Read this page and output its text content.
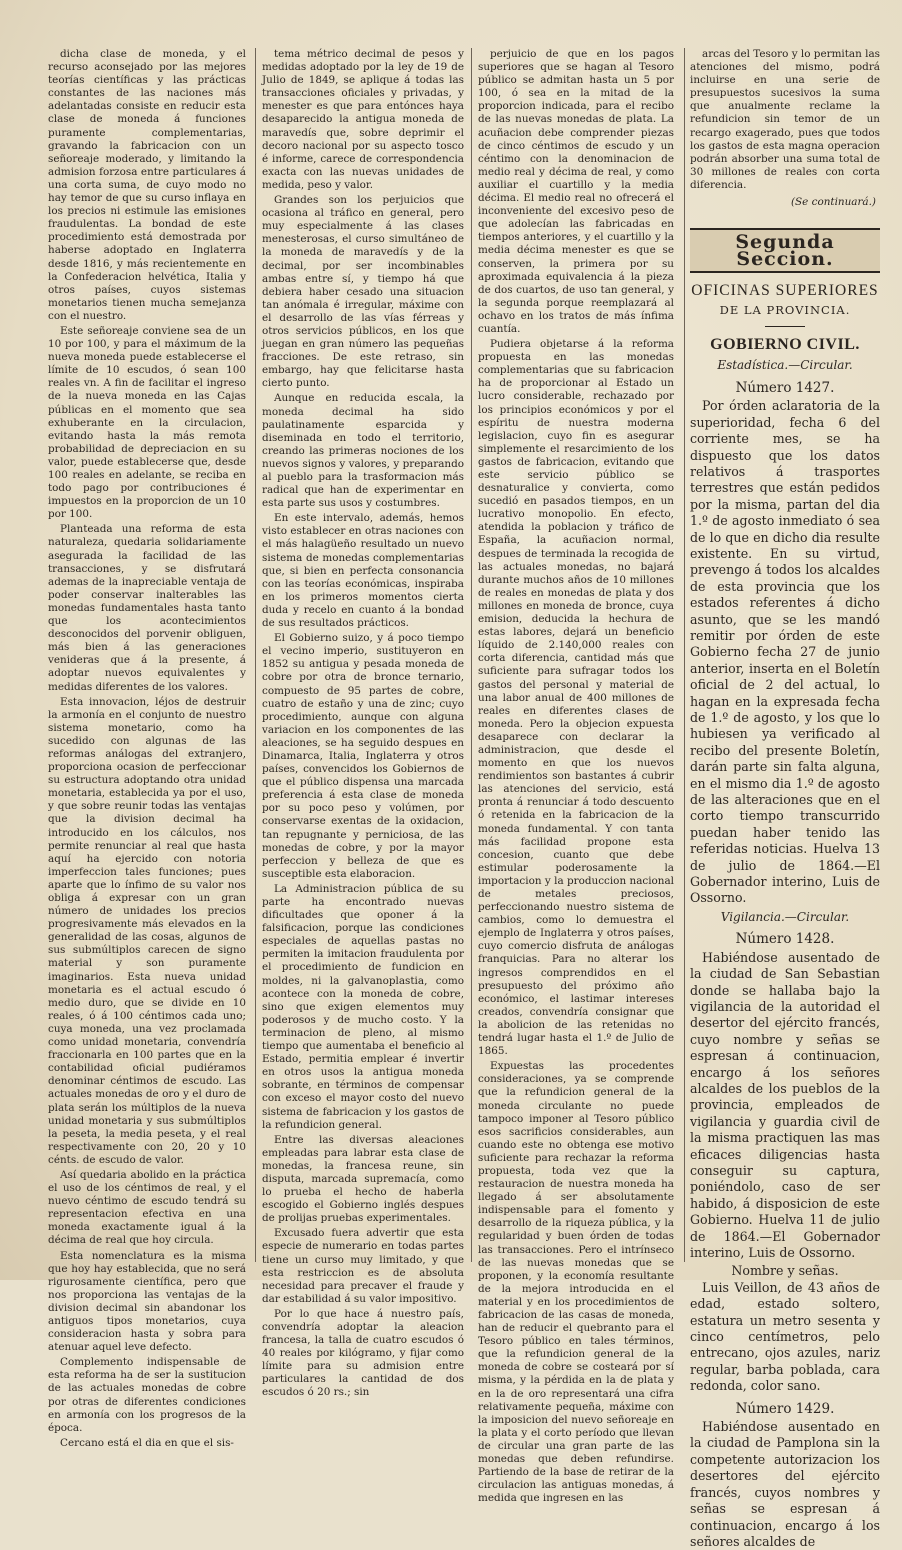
dicha clase de moneda, y el recurso aconsejado por las mejores teorías científicas y las prácticas constantes de las naciones más adelantadas consiste en reducir esta clase de moneda á funciones puramente complementarias, gravando la fabricacion con un señoreaje moderado, y limitando la admision forzosa entre particulares á una corta suma, de cuyo modo no hay temor de que su curso inflaya en los precios ni estimule las emisiones fraudulentas. La bondad de este procedimiento está demostrada por haberse adoptado en Inglaterra desde 1816, y más recientemente en la Confederacion helvética, Italia y otros países, cuyos sistemas monetarios tienen mucha semejanza con el nuestro.

Este señoreaje conviene sea de un 10 por 100, y para el máximum de la nueva moneda puede establecerse el límite de 10 escudos, ó sean 100 reales vn. A fin de facilitar el ingreso de la nueva moneda en las Cajas públicas en el momento que sea exhuberante en la circulacion, evitando hasta la más remota probabilidad de depreciacion en su valor, puede establecerse que, desde 100 reales en adelante, se reciba en todo pago por contribuciones é impuestos en la proporcion de un 10 por 100.

Planteada una reforma de esta naturaleza, quedaria solidariamente asegurada la facilidad de las transacciones, y se disfrutará ademas de la inapreciable ventaja de poder conservar inalterables las monedas fundamentales hasta tanto que los acontecimientos desconocidos del porvenir obliguen, más bien á las generaciones venideras que á la presente, á adoptar nuevos equivalentes y medidas diferentes de los valores.

Esta innovacion, léjos de destruir la armonía en el conjunto de nuestro sistema monetario, como ha sucedido con algunas de las reformas análogas del extranjero, proporciona ocasion de perfeccionar su estructura adoptando otra unidad monetaria, establecida ya por el uso, y que sobre reunir todas las ventajas que la division decimal ha introducido en los cálculos, nos permite renunciar al real que hasta aquí ha ejercido con notoria imperfeccion tales funciones; pues aparte que lo ínfimo de su valor nos obliga á expresar con un gran número de unidades los precios progresivamente más elevados en la generalidad de las cosas, algunos de sus submúltiplos carecen de signo material y son puramente imaginarios. Esta nueva unidad monetaria es el actual escudo ó medio duro, que se divide en 10 reales, ó á 100 céntimos cada uno; cuya moneda, una vez proclamada como unidad monetaria, convendría fraccionarla en 100 partes que en la contabilidad oficial pudiéramos denominar céntimos de escudo. Las actuales monedas de oro y el duro de plata serán los múltiplos de la nueva unidad monetaria y sus submúltiplos la peseta, la media peseta, y el real respectivamente con 20, 20 y 10 cénts. de escudo de valor.

Así quedaria abolido en la práctica el uso de los céntimos de real, y el nuevo céntimo de escudo tendrá su representacion efectiva en una moneda exactamente igual á la décima de real que hoy circula.

Esta nomenclatura es la misma que hoy hay establecida, que no será rigurosamente científica, pero que nos proporciona las ventajas de la division decimal sin abandonar los antiguos tipos monetarios, cuya consideracion hasta y sobra para atenuar aquel leve defecto.

Complemento indispensable de esta reforma ha de ser la sustitucion de las actuales monedas de cobre por otras de diferentes condiciones en armonía con los progresos de la época.

Cercano está el dia en que el sis-

tema métrico decimal de pesos y medidas adoptado por la ley de 19 de Julio de 1849, se aplique á todas las transacciones oficiales y privadas, y menester es que para entónces haya desaparecido la antigua moneda de maravedís que, sobre deprimir el decoro nacional por su aspecto tosco é informe, carece de correspondencia exacta con las nuevas unidades de medida, peso y valor.

Grandes son los perjuicios que ocasiona al tráfico en general, pero muy especialmente á las clases menesterosas, el curso simultáneo de la moneda de maravedís y de la decimal, por ser incombinables ambas entre sí, y tiempo há que debiera haber cesado una situacion tan anómala é irregular, máxime con el desarrollo de las vías férreas y otros servicios públicos, en los que juegan en gran número las pequeñas fracciones. De este retraso, sin embargo, hay que felicitarse hasta cierto punto.

Aunque en reducida escala, la moneda decimal ha sido paulatinamente esparcida y diseminada en todo el territorio, creando las primeras nociones de los nuevos signos y valores, y preparando al pueblo para la trasformacion más radical que han de experimentar en esta parte sus usos y costumbres.

En este intervalo, además, hemos visto establecer en otras naciones con el más halagüeño resultado un nuevo sistema de monedas complementarias que, si bien en perfecta consonancia con las teorías económicas, inspiraba en los primeros momentos cierta duda y recelo en cuanto á la bondad de sus resultados prácticos.

El Gobierno suizo, y á poco tiempo el vecino imperio, sustituyeron en 1852 su antigua y pesada moneda de cobre por otra de bronce ternario, compuesto de 95 partes de cobre, cuatro de estaño y una de zinc; cuyo procedimiento, aunque con alguna variacion en los componentes de las aleaciones, se ha seguido despues en Dinamarca, Italia, Inglaterra y otros países, convencidos los Gobiernos de que el público dispensa una marcada preferencia á esta clase de moneda por su poco peso y volúmen, por conservarse exentas de la oxidacion, tan repugnante y perniciosa, de las monedas de cobre, y por la mayor perfeccion y belleza de que es susceptible esta elaboracion.

La Administracion pública de su parte ha encontrado nuevas dificultades que oponer á la falsificacion, porque las condiciones especiales de aquellas pastas no permiten la imitacion fraudulenta por el procedimiento de fundicion en moldes, ni la galvanoplastia, como acontece con la moneda de cobre, sino que exigen elementos muy poderosos y de mucho costo. Y la terminacion de pleno, al mismo tiempo que aumentaba el beneficio al Estado, permitia emplear é invertir en otros usos la antigua moneda sobrante, en términos de compensar con exceso el mayor costo del nuevo sistema de fabricacion y los gastos de la refundicion general.

Entre las diversas aleaciones empleadas para labrar esta clase de monedas, la francesa reune, sin disputa, marcada supremacía, como lo prueba el hecho de haberla escogido el Gobierno inglés despues de prolijas pruebas experimentales.

Excusado fuera advertir que esta especie de numerario en todas partes tiene un curso muy limitado, y que esta restriccion es de absoluta necesidad para precaver el fraude y dar estabilidad á su valor impositivo.

Por lo que hace á nuestro país, convendría adoptar la aleacion francesa, la talla de cuatro escudos ó 40 reales por kilógramo, y fijar como límite para su admision entre particulares la cantidad de dos escudos ó 20 rs.; sin

perjuicio de que en los pagos superiores que se hagan al Tesoro público se admitan hasta un 5 por 100, ó sea en la mitad de la proporcion indicada, para el recibo de las nuevas monedas de plata. La acuñacion debe comprender piezas de cinco céntimos de escudo y un céntimo con la denominacion de medio real y décima de real, y como auxiliar el cuartillo y la media décima. El medio real no ofrecerá el inconveniente del excesivo peso de que adolecían las fabricadas en tiempos anteriores, y el cuartillo y la media décima menester es que se conserven, la primera por su aproximada equivalencia á la pieza de dos cuartos, de uso tan general, y la segunda porque reemplazará al ochavo en los tratos de más ínfima cuantía.

Pudiera objetarse á la reforma propuesta en las monedas complementarias que su fabricacion ha de proporcionar al Estado un lucro considerable, rechazado por los principios económicos y por el espíritu de nuestra moderna legislacion, cuyo fin es asegurar simplemente el resarcimiento de los gastos de fabricacion, evitando que este servicio público se desnaturalice y convierta, como sucedió en pasados tiempos, en un lucrativo monopolio. En efecto, atendida la poblacion y tráfico de España, la acuñacion normal, despues de terminada la recogida de las actuales monedas, no bajará durante muchos años de 10 millones de reales en monedas de plata y dos millones en moneda de bronce, cuya emision, deducida la hechura de estas labores, dejará un beneficio líquido de 2.140,000 reales con corta diferencia, cantidad más que suficiente para sufragar todos los gastos del personal y material de una labor anual de 400 millones de reales en diferentes clases de moneda. Pero la objecion expuesta desaparece con declarar la administracion, que desde el momento en que los nuevos rendimientos son bastantes á cubrir las atenciones del servicio, está pronta á renunciar á todo descuento ó retenida en la fabricacion de la moneda fundamental. Y con tanta más facilidad propone esta concesion, cuanto que debe estimular poderosamente la importacion y la produccion nacional de metales preciosos, perfeccionando nuestro sistema de cambios, como lo demuestra el ejemplo de Inglaterra y otros países, cuyo comercio disfruta de análogas franquicias. Para no alterar los ingresos comprendidos en el presupuesto del próximo año económico, el lastimar intereses creados, convendría consignar que la abolicion de las retenidas no tendrá lugar hasta el 1.º de Julio de 1865.

Expuestas las procedentes consideraciones, ya se comprende que la refundicion general de la moneda circulante no puede tampoco imponer al Tesoro público esos sacrificios considerables, aun cuando este no obtenga ese motivo suficiente para rechazar la reforma propuesta, toda vez que la restauracion de nuestra moneda ha llegado á ser absolutamente indispensable para el fomento y desarrollo de la riqueza pública, y la regularidad y buen órden de todas las transacciones. Pero el intrínseco de las nuevas monedas que se proponen, y la economía resultante de la mejora introducida en el material y en los procedimientos de fabricacion de las casas de moneda, han de reducir el quebranto para el Tesoro público en tales términos, que la refundicion general de la moneda de cobre se costeará por sí misma, y la pérdida en la de plata y en la de oro representará una cifra relativamente pequeña, máxime con la imposicion del nuevo señoreaje en la plata y el corto período que llevan de circular una gran parte de las monedas que deben refundirse. Partiendo de la base de retirar de la circulacion las antiguas monedas, á medida que ingresen en las

arcas del Tesoro y lo permitan las atenciones del mismo, podrá incluirse en una serie de presupuestos sucesivos la suma que anualmente reclame la refundicion sin temor de un recargo exagerado, pues que todos los gastos de esta magna operacion podrán absorber una suma total de 30 millones de reales con corta diferencia.

(Se continuará.)
Segunda Seccion.
OFICINAS SUPERIORES
DE LA PROVINCIA.
GOBIERNO CIVIL.
Estadística.—Circular.
Número 1427.

Por órden aclaratoria de la superioridad, fecha 6 del corriente mes, se ha dispuesto que los datos relativos á trasportes terrestres que están pedidos por la misma, partan del dia 1.º de agosto inmediato ó sea de lo que en dicho dia resulte existente. En su virtud, prevengo á todos los alcaldes de esta provincia que los estados referentes á dicho asunto, que se les mandó remitir por órden de este Gobierno fecha 27 de junio anterior, inserta en el Boletín oficial de 2 del actual, lo hagan en la expresada fecha de 1.º de agosto, y los que lo hubiesen ya verificado al recibo del presente Boletín, darán parte sin falta alguna, en el mismo dia 1.º de agosto de las alteraciones que en el corto tiempo transcurrido puedan haber tenido las referidas noticias. Huelva 13 de julio de 1864.—El Gobernador interino, Luis de Ossorno.

Vigilancia.—Circular.
Número 1428.

Habiéndose ausentado de la ciudad de San Sebastian donde se hallaba bajo la vigilancia de la autoridad el desertor del ejército francés, cuyo nombre y señas se espresan á continuacion, encargo á los señores alcaldes de los pueblos de la provincia, empleados de vigilancia y guardia civil de la misma practiquen las mas eficaces diligencias hasta conseguir su captura, poniéndolo, caso de ser habido, á disposicion de este Gobierno. Huelva 11 de julio de 1864.—El Gobernador interino, Luis de Ossorno.

Nombre y señas.

Luis Veillon, de 43 años de edad, estado soltero, estatura un metro sesenta y cinco centímetros, pelo entrecano, ojos azules, nariz regular, barba poblada, cara redonda, color sano.

Número 1429.

Habiéndose ausentado en la ciudad de Pamplona sin la competente autorizacion los desertores del ejército francés, cuyos nombres y señas se espresan á continuacion, encargo á los señores alcaldes de
